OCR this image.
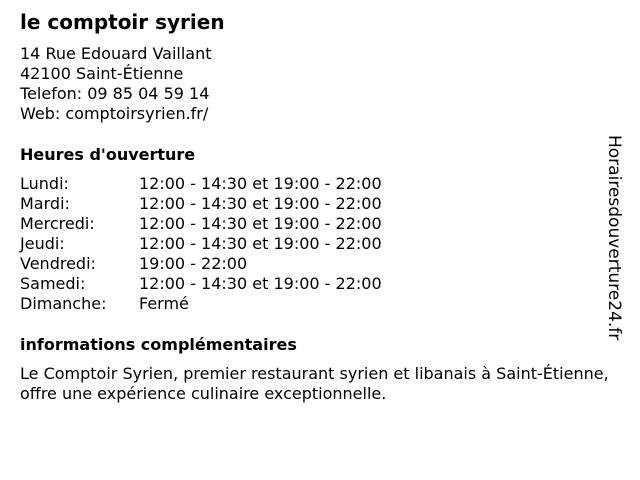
le comptoir syrien
14 Rue Edouard Vaillant
42100 Saint-Étienne
Telefon: 09 85 04 59 14
Web: comptoirsyrien.fr/
Heures d'ouverture
Lundi:	12:00 - 14:30 et 19:00 - 22:00
Mardi:	12:00 - 14:30 et 19:00 - 22:00
Mercredi:	12:00 - 14:30 et 19:00 - 22:00
Jeudi:	12:00 - 14:30 et 19:00 - 22:00
Vendredi:	19:00 - 22:00
Samedi:	12:00 - 14:30 et 19:00 - 22:00
Dimanche:	Fermé
informations complémentaires
Le Comptoir Syrien, premier restaurant syrien et libanais à Saint-Étienne, offre une expérience culinaire exceptionnelle.
Horairesdouverture24.fr
